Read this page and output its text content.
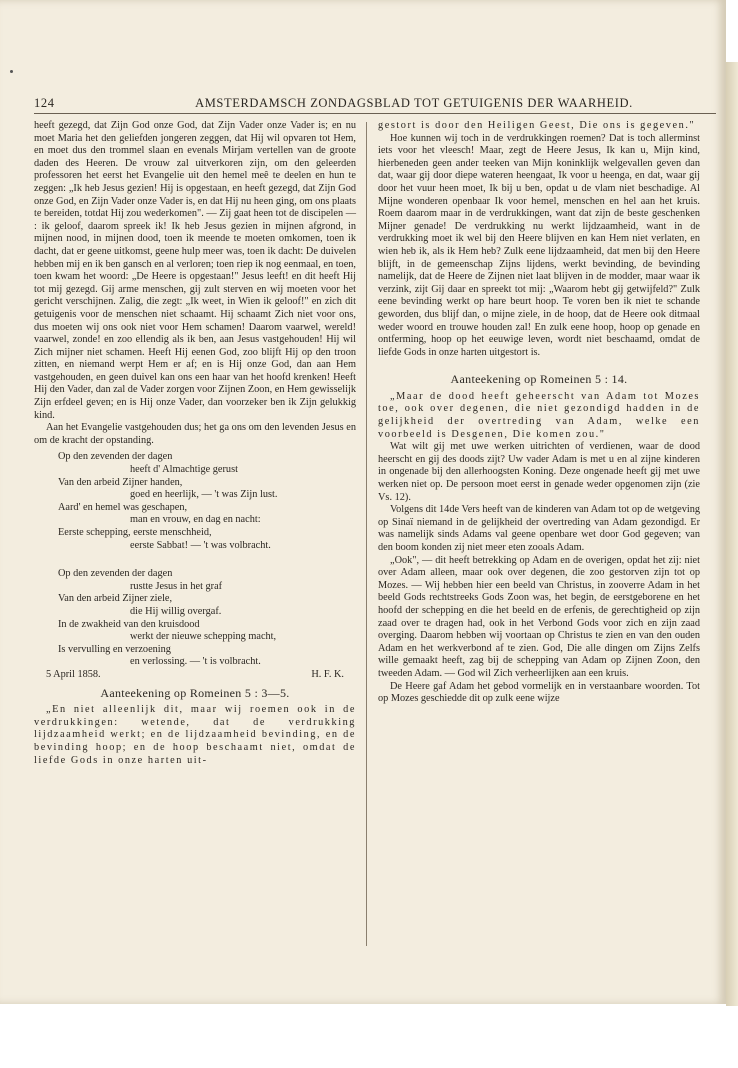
124	AMSTERDAMSCH ZONDAGSBLAD TOT GETUIGENIS DER WAARHEID.

heeft gezegd, dat Zijn God onze God, dat Zijn Vader onze Vader is; en nu moet Maria het den geliefden jongeren zeggen, dat Hij wil opvaren tot Hem, en moet dus den trommel slaan en evenals Mirjam vertellen van de groote daden des Heeren. De vrouw zal uitverkoren zijn, om den geleerden professoren het eerst het Evangelie uit den hemel meê te deelen en hun te zeggen: „Ik heb Jesus gezien! Hij is opgestaan, en heeft gezegd, dat Zijn God onze God, en Zijn Vader onze Vader is, en dat Hij nu heen ging, om ons plaats te bereiden, totdat Hij zou wederkomen". — Zij gaat heen tot de discipelen — : ik geloof, daarom spreek ik! Ik heb Jesus gezien in mijnen afgrond, in mijnen nood, in mijnen dood, toen ik meende te moeten omkomen, toen ik dacht, dat er geene uitkomst, geene hulp meer was, toen ik dacht: De duivelen hebben mij en ik ben gansch en al verloren; toen riep ik nog eenmaal, en toen, toen kwam het woord: „De Heere is opgestaan!" Jesus leeft! en dit heeft Hij tot mij gezegd. Gij arme menschen, gij zult sterven en wij moeten voor het gericht verschijnen. Zalig, die zegt: „Ik weet, in Wien ik geloof!" en zich dit getuigenis voor de menschen niet schaamt. Hij schaamt Zich niet voor ons, dus moeten wij ons ook niet voor Hem schamen! Daarom vaarwel, wereld! vaarwel, zonde! en zoo ellendig als ik ben, aan Jesus vastgehouden! Hij wil Zich mijner niet schamen. Heeft Hij eenen God, zoo blijft Hij op den troon zitten, en niemand werpt Hem er af; en is Hij onze God, dan aan Hem vastgehouden, en geen duivel kan ons een haar van het hoofd krenken! Heeft Hij den Vader, dan zal de Vader zorgen voor Zijnen Zoon, en Hem gewisselijk Zijn erfdeel geven; en is Hij onze Vader, dan voorzeker ben ik Zijn gelukkig kind.

Aan het Evangelie vastgehouden dus; het ga ons om den levenden Jesus en om de kracht der opstanding.

Op den zevenden der dagen
heeft d' Almachtige gerust
Van den arbeid Zijner handen,
goed en heerlijk, — 't was Zijn lust.
Aard' en hemel was geschapen,
man en vrouw, en dag en nacht:
Eerste schepping, eerste menschheid,
eerste Sabbat! — 't was volbracht.
Op den zevenden der dagen
rustte Jesus in het graf
Van den arbeid Zijner ziele,
die Hij willig overgaf.
In de zwakheid van den kruisdood
werkt der nieuwe schepping macht,
Is vervulling en verzoening
en verlossing. — 't is volbracht.
5 April 1858.	H. F. K.
Aanteekening op Romeinen 5 : 3—5.

„En niet alleenlijk dit, maar wij roemen ook in de verdrukkingen: wetende, dat de verdrukking lijdzaamheid werkt; en de lijdzaamheid bevinding, en de bevinding hoop; en de hoop beschaamt niet, omdat de liefde Gods in onze harten uit-

gestort is door den Heiligen Geest, Die ons is gegeven."

Hoe kunnen wij toch in de verdrukkingen roemen? Dat is toch allerminst iets voor het vleesch! Maar, zegt de Heere Jesus, Ik kan u, Mijn kind, hierbeneden geen ander teeken van Mijn koninklijk welgevallen geven dan dat, waar gij door diepe wateren heengaat, Ik voor u heenga, en dat, waar gij door het vuur heen moet, Ik bij u ben, opdat u de vlam niet beschadige. Al Mijne wonderen openbaar Ik voor hemel, menschen en hel aan het kruis. Roem daarom maar in de verdrukkingen, want dat zijn de beste geschenken Mijner genade! De verdrukking nu werkt lijdzaamheid, want in de verdrukking moet ik wel bij den Heere blijven en kan Hem niet verlaten, en wien heb ik, als ik Hem heb? Zulk eene lijdzaamheid, dat men bij den Heere blijft, in de gemeenschap Zijns lijdens, werkt bevinding, de bevinding namelijk, dat de Heere de Zijnen niet laat blijven in de modder, maar waar ik verzink, zijt Gij daar en spreekt tot mij: „Waarom hebt gij getwijfeld?" Zulk eene bevinding werkt op hare beurt hoop. Te voren ben ik niet te schande geworden, dus blijf dan, o mijne ziele, in de hoop, dat de Heere ook ditmaal weder woord en trouwe houden zal! En zulk eene hoop, hoop op genade en ontferming, hoop op het eeuwige leven, wordt niet beschaamd, omdat de liefde Gods in onze harten uitgestort is.

Aanteekening op Romeinen 5 : 14.

„Maar de dood heeft geheerscht van Adam tot Mozes toe, ook over degenen, die niet gezondigd hadden in de gelijkheid der overtreding van Adam, welke een voorbeeld is Desgenen, Die komen zou."

Wat wilt gij met uwe werken uitrichten of verdienen, waar de dood heerscht en gij des doods zijt? Uw vader Adam is met u en al zijne kinderen in ongenade bij den allerhoogsten Koning. Deze ongenade heeft gij met uwe werken niet op. De persoon moet eerst in genade weder opgenomen zijn (zie Vs. 12).

Volgens dit 14de Vers heeft van de kinderen van Adam tot op de wetgeving op Sinaï niemand in de gelijkheid der overtreding van Adam gezondigd. Er was namelijk sinds Adams val geene openbare wet door God gegeven; van den boom konden zij niet meer eten zooals Adam.

„Ook", — dit heeft betrekking op Adam en de overigen, opdat het zij: niet over Adam alleen, maar ook over degenen, die zoo gestorven zijn tot op Mozes. — Wij hebben hier een beeld van Christus, in zooverre Adam in het beeld Gods rechtstreeks Gods Zoon was, het begin, de eerstgeborene en het hoofd der schepping en die het beeld en de erfenis, de gerechtigheid op zijn zaad over te dragen had, ook in het Verbond Gods voor zich en zijn zaad overging. Daarom hebben wij voortaan op Christus te zien en van den ouden Adam en het werkverbond af te zien. God, Die alle dingen om Zijns Zelfs wille gemaakt heeft, zag bij de schepping van Adam op Zijnen Zoon, den tweeden Adam. — God wil Zich verheerlijken aan een kruis.

De Heere gaf Adam het gebod vormelijk en in verstaanbare woorden. Tot op Mozes geschiedde dit op zulk eene wijze
